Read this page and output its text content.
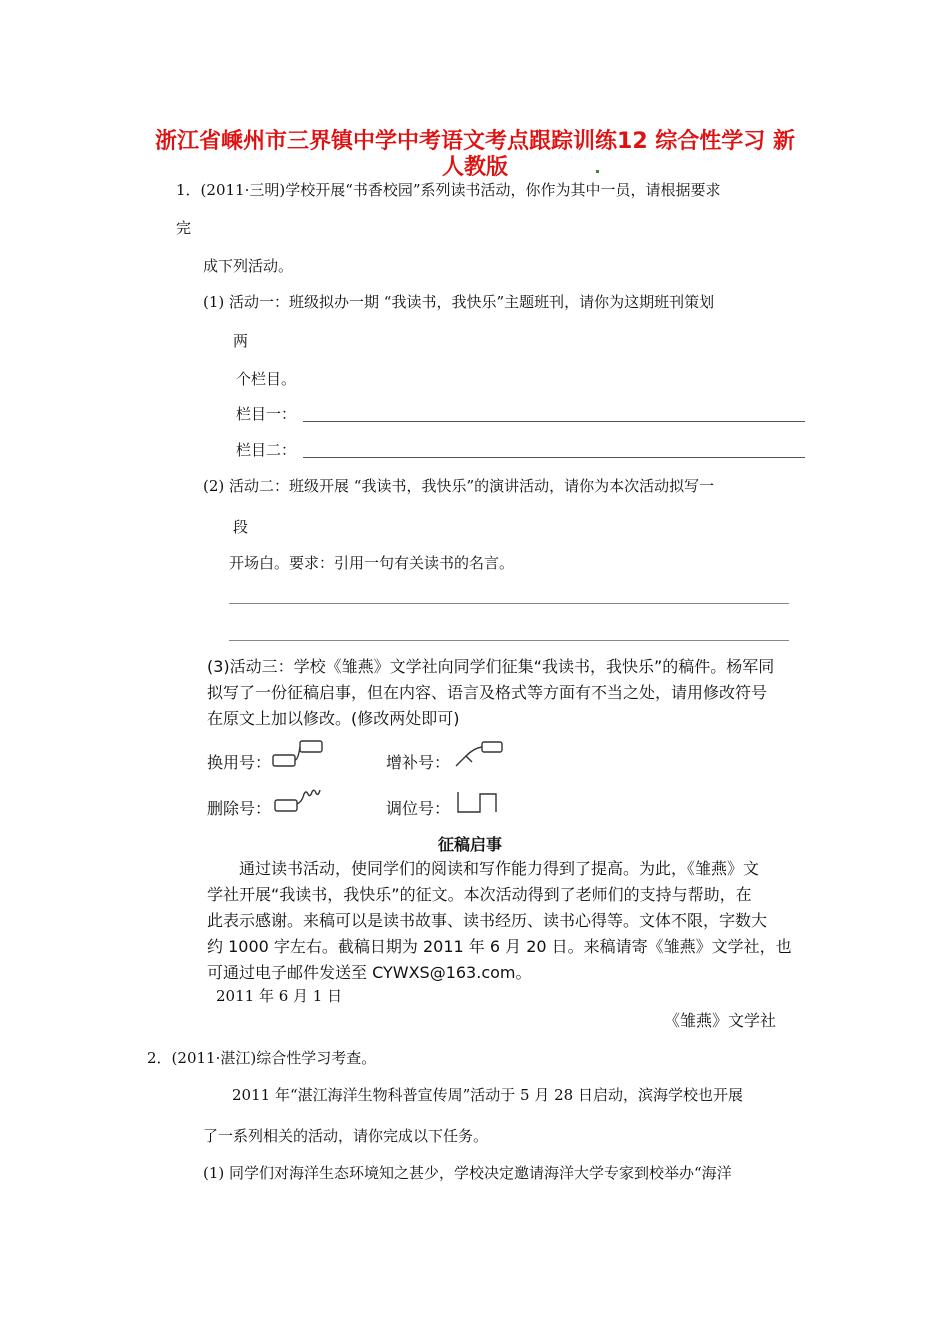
浙江省嵊州市三界镇中学中考语文考点跟踪训练12 综合性学习 新
人教版
1．(2011·三明)学校开展“书香校园”系列读书活动，你作为其中一员，请根据要求
完
成下列活动。
(1) 活动一：班级拟办一期 “我读书，我快乐”主题班刊，请你为这期班刊策划
两
个栏目。
栏目一：
栏目二：
(2) 活动二：班级开展 “我读书，我快乐”的演讲活动，请你为本次活动拟写一
段
开场白。要求：引用一句有关读书的名言。
(3)活动三：学校《雏燕》文学社向同学们征集“我读书，我快乐”的稿件。杨军同
拟写了一份征稿启事，但在内容、语言及格式等方面有不当之处，请用修改符号
在原文上加以修改。(修改两处即可)
换用号：	增补号：
删除号：	调位号：
征稿启事
通过读书活动，使同学们的阅读和写作能力得到了提高。为此，《雏燕》文
学社开展“我读书，我快乐”的征文。本次活动得到了老师们的支持与帮助，在
此表示感谢。来稿可以是读书故事、读书经历、读书心得等。文体不限，字数大
约 1000 字左右。截稿日期为 2011 年 6 月 20 日。来稿请寄《雏燕》文学社，也
可通过电子邮件发送至 CYWXS@163.com。
2011 年 6 月 1 日
《雏燕》文学社
2．(2011·湛江)综合性学习考查。
2011 年“湛江海洋生物科普宣传周”活动于 5 月 28 日启动，滨海学校也开展
了一系列相关的活动，请你完成以下任务。
(1) 同学们对海洋生态环境知之甚少，学校决定邀请海洋大学专家到校举办“海洋
